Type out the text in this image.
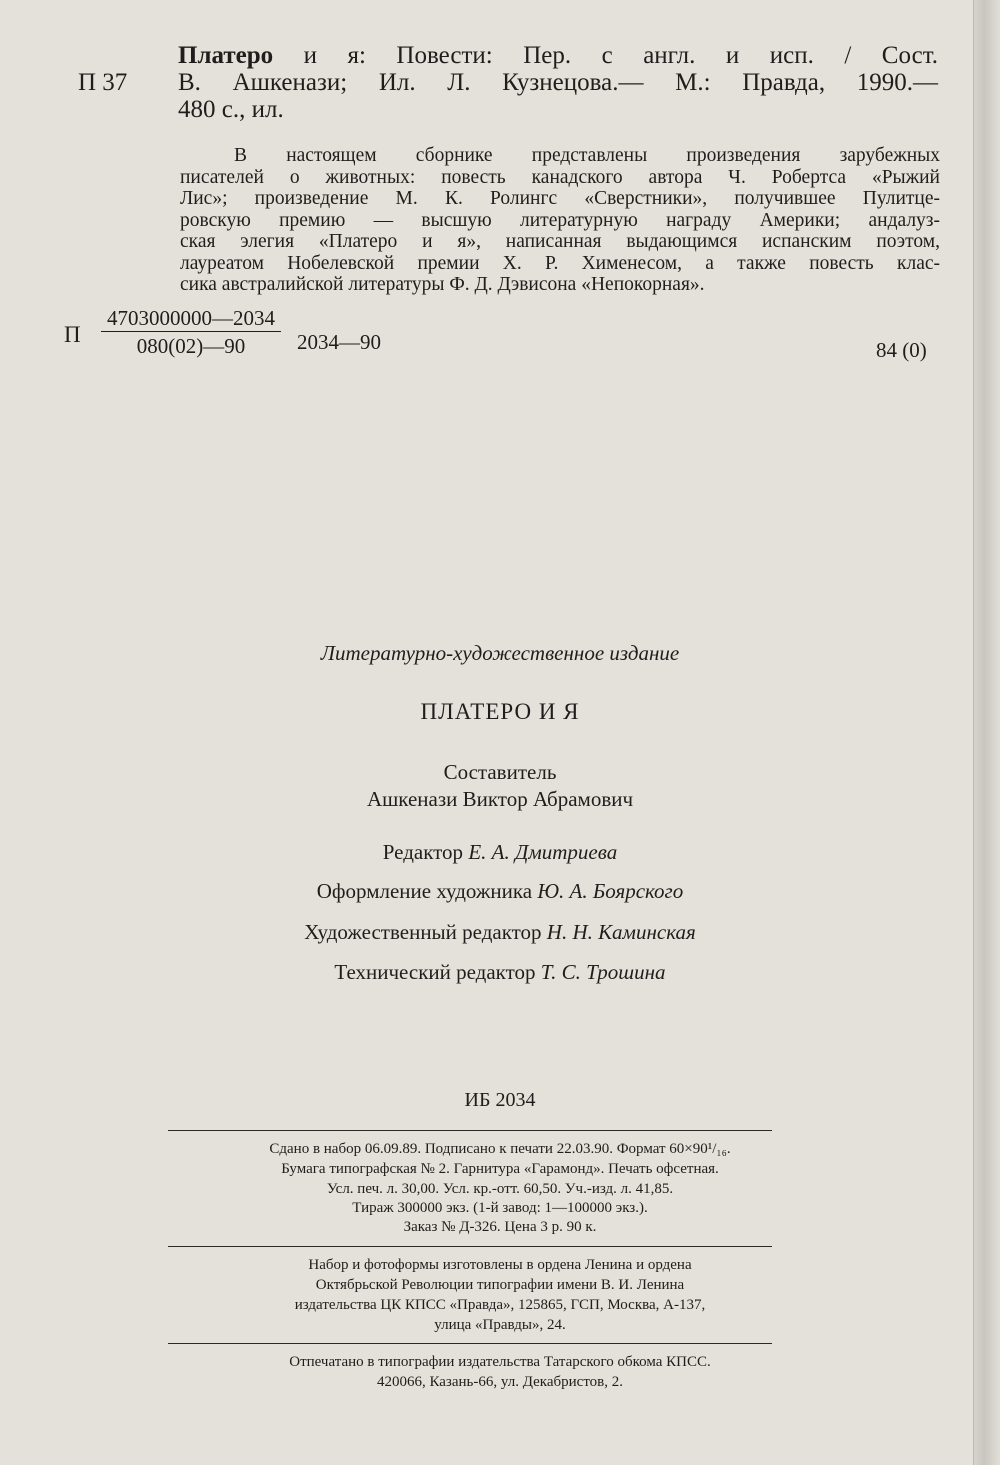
П 37
Платеро и я: Повести: Пер. с англ. и исп. / Сост.
В. Ашкенази; Ил. Л. Кузнецова.— М.: Правда, 1990.—
480 с., ил.
В настоящем сборнике представлены произведения зарубежных
писателей о животных: повесть канадского автора Ч. Робертса «Рыжий
Лис»; произведение М. К. Ролингс «Сверстники», получившее Пулитце-
ровскую премию — высшую литературную награду Америки; андалуз-
ская элегия «Платеро и я», написанная выдающимся испанским поэтом,
лауреатом Нобелевской премии Х. Р. Хименесом, а также повесть клас-
сика австралийской литературы Ф. Д. Дэвисона «Непокорная».
П $\frac{4703000000—2034}{080(02)—90}$ 2034—90	84 (0)
Литературно-художественное издание
ПЛАТЕРО И Я
Составитель
Ашкенази Виктор Абрамович
Редактор Е. А. Дмитриева
Оформление художника Ю. А. Боярского
Художественный редактор Н. Н. Каминская
Технический редактор Т. С. Трошина
ИБ 2034
Сдано в набор 06.09.89. Подписано к печати 22.03.90. Формат 60×90¹/₁₆.
Бумага типографская № 2. Гарнитура «Гарамонд». Печать офсетная.
Усл. печ. л. 30,00. Усл. кр.-отт. 60,50. Уч.-изд. л. 41,85.
Тираж 300000 экз. (1-й завод: 1—100000 экз.).
Заказ № Д-326. Цена 3 р. 90 к.
Набор и фотоформы изготовлены в ордена Ленина и ордена
Октябрьской Революции типографии имени В. И. Ленина
издательства ЦК КПСС «Правда», 125865, ГСП, Москва, А-137,
улица «Правды», 24.
Отпечатано в типографии издательства Татарского обкома КПСС.
420066, Казань-66, ул. Декабристов, 2.
